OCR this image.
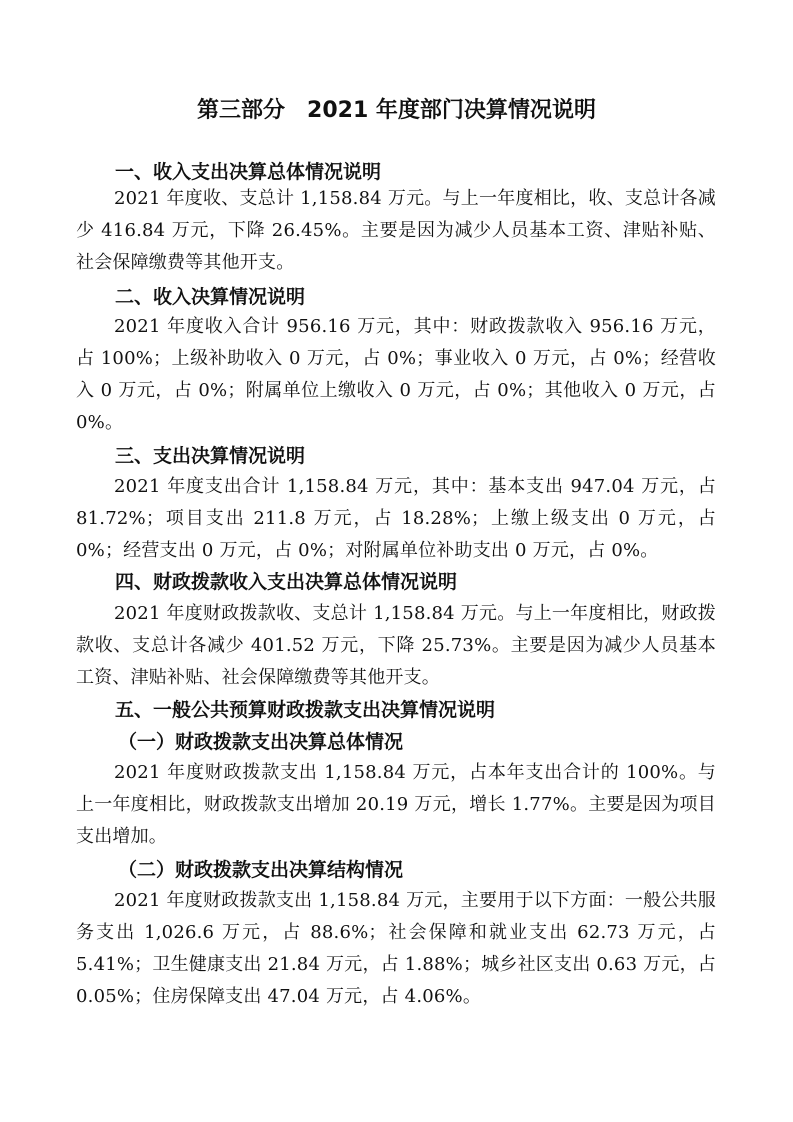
第三部分　2021 年度部门决算情况说明
一、收入支出决算总体情况说明

2021 年度收、支总计 1,158.84 万元。与上一年度相比，收、支总计各减少 416.84 万元，下降 26.45%。主要是因为减少人员基本工资、津贴补贴、社会保障缴费等其他开支。

二、收入决算情况说明

2021 年度收入合计 956.16 万元，其中：财政拨款收入 956.16 万元，占 100%；上级补助收入 0 万元，占 0%；事业收入 0 万元，占 0%；经营收入 0 万元，占 0%；附属单位上缴收入 0 万元，占 0%；其他收入 0 万元，占 0%。

三、支出决算情况说明

2021 年度支出合计 1,158.84 万元，其中：基本支出 947.04 万元，占 81.72%；项目支出 211.8 万元，占 18.28%；上缴上级支出 0 万元，占 0%；经营支出 0 万元，占 0%；对附属单位补助支出 0 万元，占 0%。

四、财政拨款收入支出决算总体情况说明

2021 年度财政拨款收、支总计 1,158.84 万元。与上一年度相比，财政拨款收、支总计各减少 401.52 万元，下降 25.73%。主要是因为减少人员基本工资、津贴补贴、社会保障缴费等其他开支。

五、一般公共预算财政拨款支出决算情况说明
（一）财政拨款支出决算总体情况

2021 年度财政拨款支出 1,158.84 万元，占本年支出合计的 100%。与上一年度相比，财政拨款支出增加 20.19 万元，增长 1.77%。主要是因为项目支出增加。

（二）财政拨款支出决算结构情况

2021 年度财政拨款支出 1,158.84 万元，主要用于以下方面：一般公共服务支出 1,026.6 万元，占 88.6%；社会保障和就业支出 62.73 万元，占 5.41%；卫生健康支出 21.84 万元，占 1.88%；城乡社区支出 0.63 万元，占 0.05%；住房保障支出 47.04 万元，占 4.06%。
